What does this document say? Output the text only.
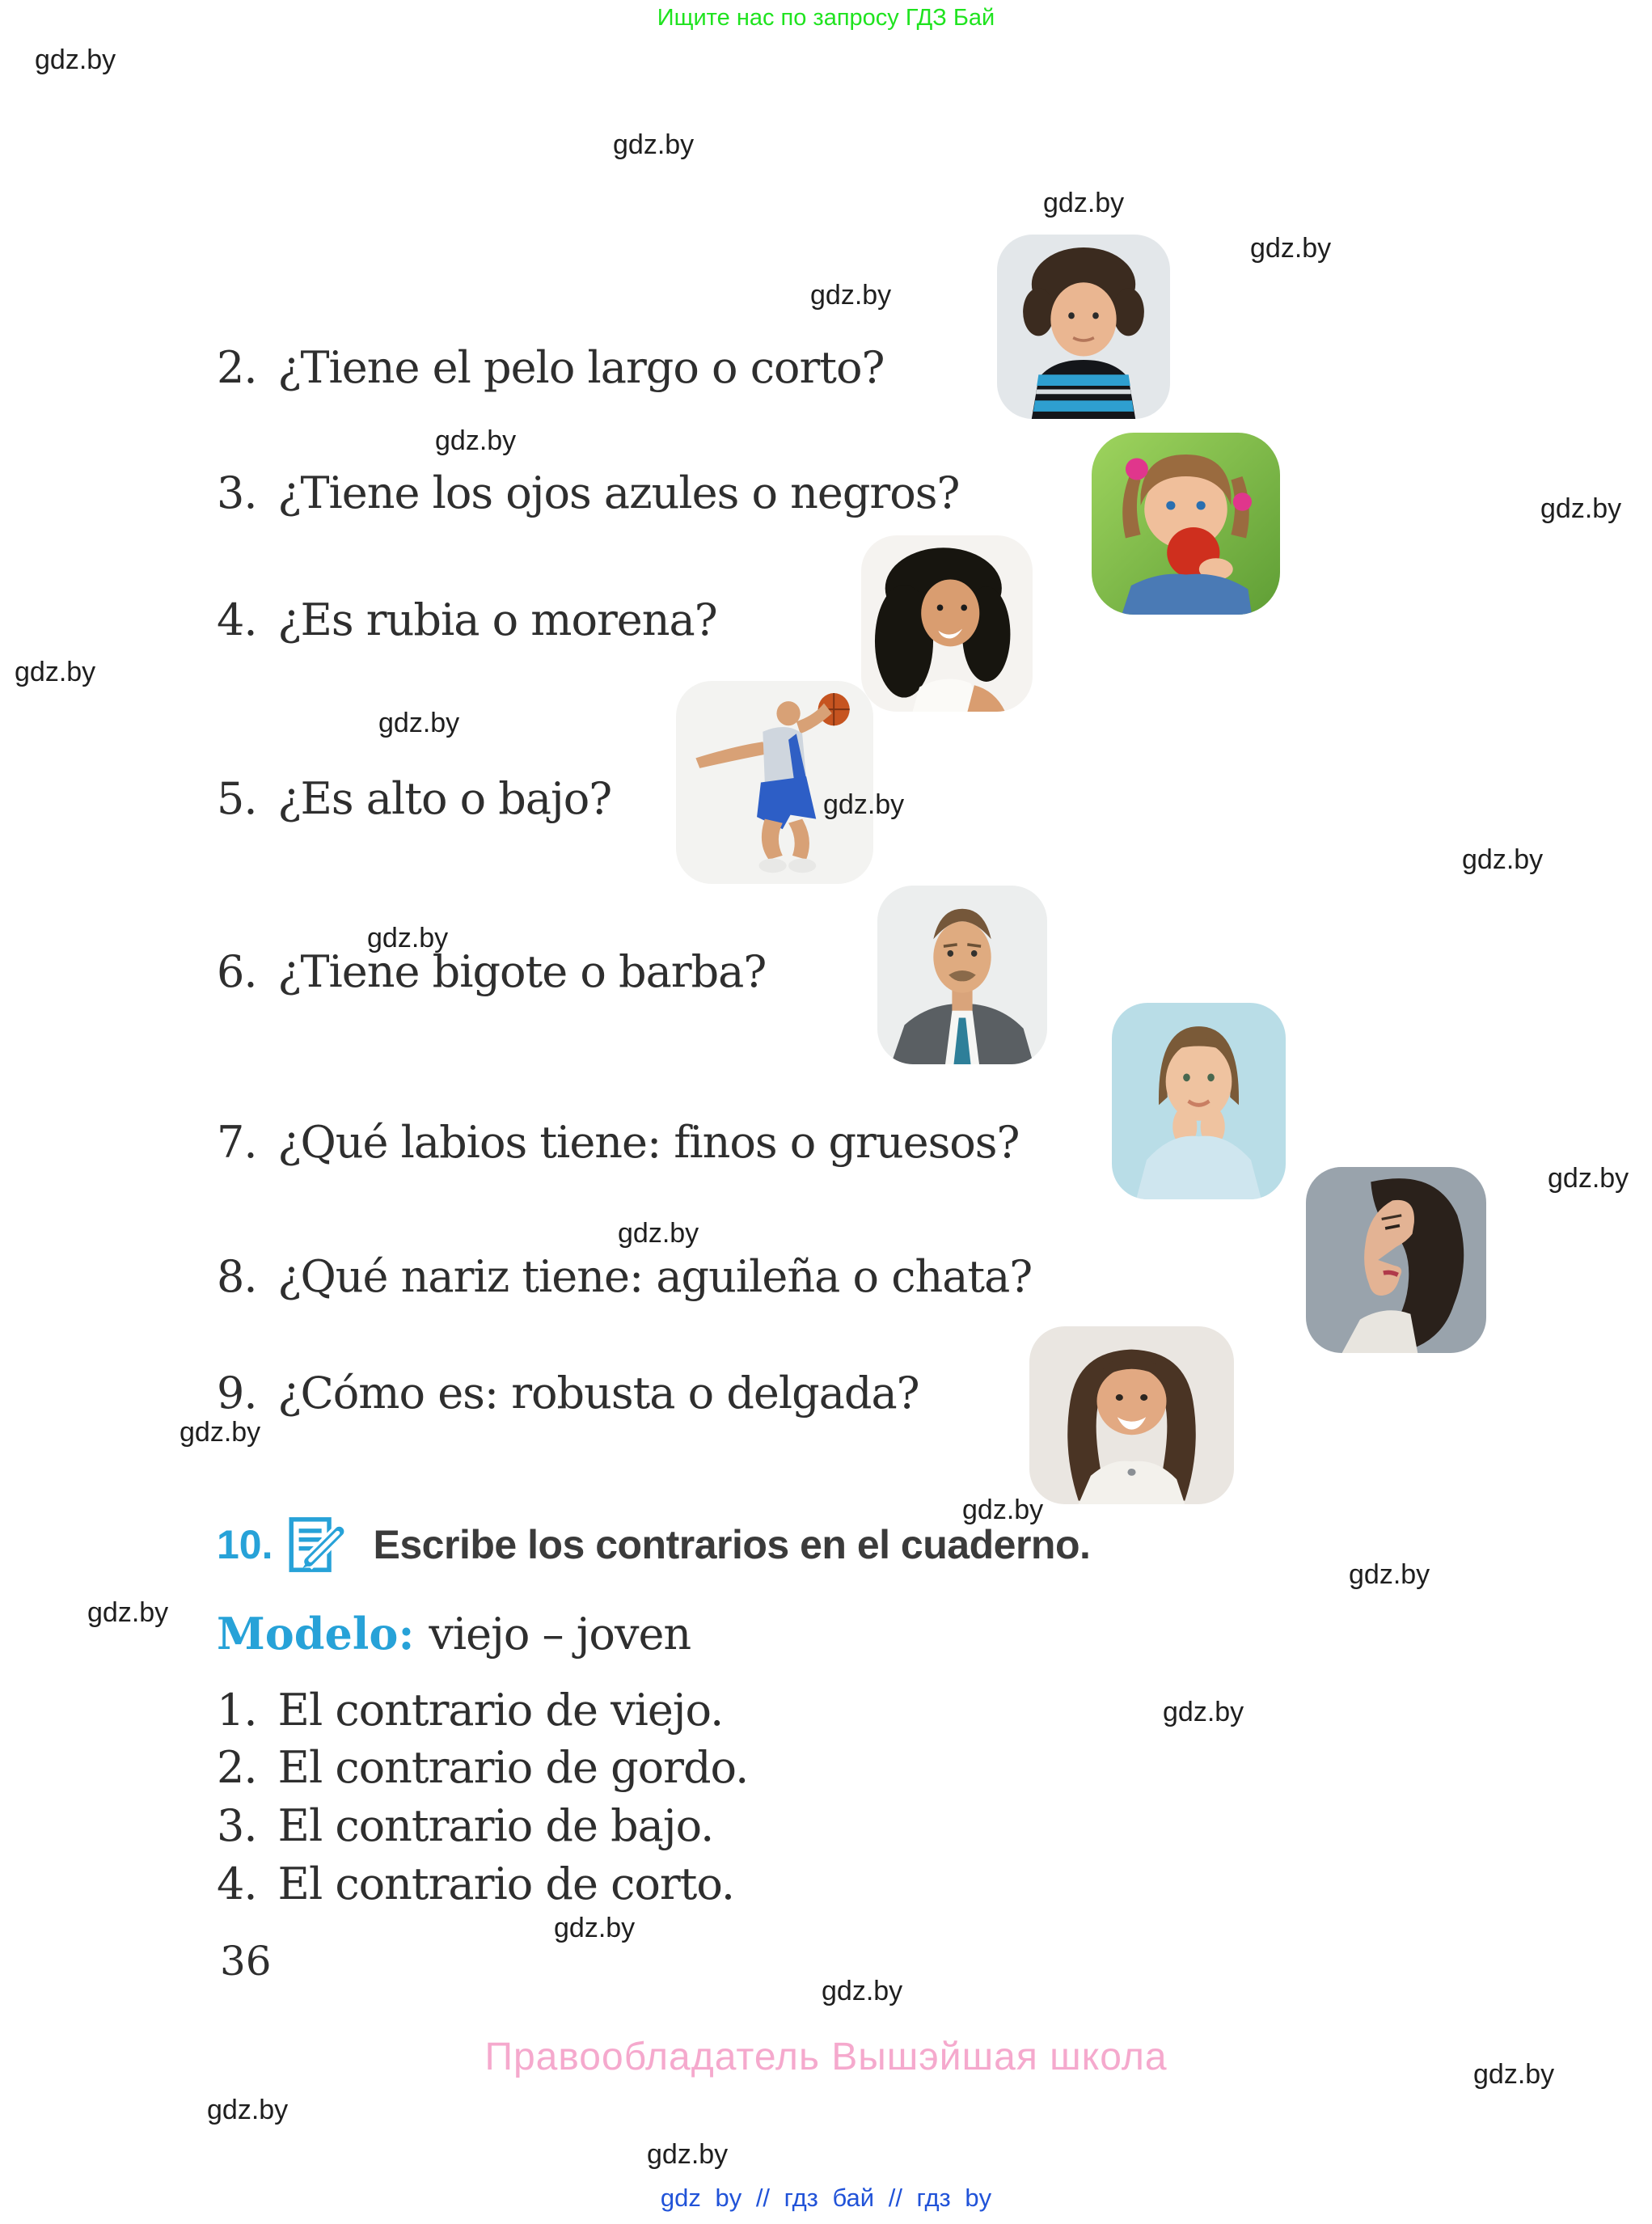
Ищите нас по запросу ГДЗ Бай
gdz.by
gdz.by
gdz.by
gdz.by
gdz.by
gdz.by
gdz.by
gdz.by
gdz.by
gdz.by
gdz.by
gdz.by
gdz.by
gdz.by
gdz.by
gdz.by
gdz.by
gdz.by
gdz.by
gdz.by
gdz.by
gdz.by
gdz.by
gdz.by
2. ¿Tiene el pelo largo o corto?
3. ¿Tiene los ojos azules o negros?
4. ¿Es rubia o morena?
5. ¿Es alto o bajo?
6. ¿Tiene bigote o barba?
7. ¿Qué labios tiene: finos o gruesos?
8. ¿Qué nariz tiene: aguileña o chata?
9. ¿Cómo es: robusta o delgada?
10. Escribe los contrarios en el cuaderno.
Modelo: viejo – joven
1. El contrario de viejo.
2. El contrario de gordo.
3. El contrario de bajo.
4. El contrario de corto.
36
Правообладатель Вышэйшая школа
gdz by // гдз бай // гдз by
